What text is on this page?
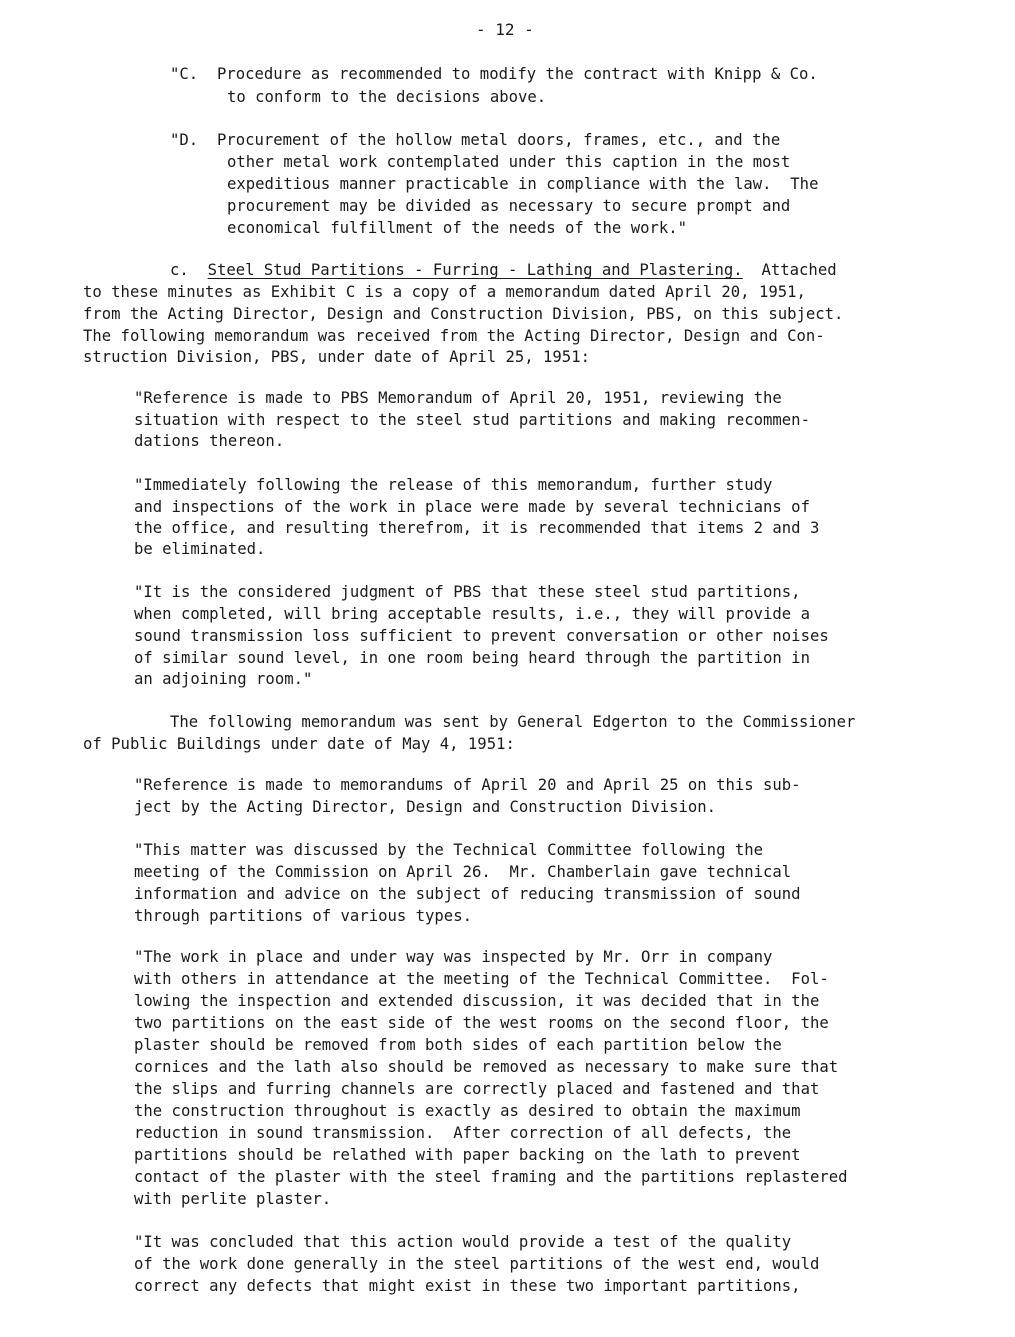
- 12 -
"C.  Procedure as recommended to modify the contract with Knipp & Co.
to conform to the decisions above.
"D.  Procurement of the hollow metal doors, frames, etc., and the
other metal work contemplated under this caption in the most
expeditious manner practicable in compliance with the law.  The
procurement may be divided as necessary to secure prompt and
economical fulfillment of the needs of the work."
c. Steel Stud Partitions - Furring - Lathing and Plastering. Attached
to these minutes as Exhibit C is a copy of a memorandum dated April 20, 1951,
from the Acting Director, Design and Construction Division, PBS, on this subject.
The following memorandum was received from the Acting Director, Design and Con-
struction Division, PBS, under date of April 25, 1951:
"Reference is made to PBS Memorandum of April 20, 1951, reviewing the
situation with respect to the steel stud partitions and making recommen-
dations thereon.
"Immediately following the release of this memorandum, further study
and inspections of the work in place were made by several technicians of
the office, and resulting therefrom, it is recommended that items 2 and 3
be eliminated.
"It is the considered judgment of PBS that these steel stud partitions,
when completed, will bring acceptable results, i.e., they will provide a
sound transmission loss sufficient to prevent conversation or other noises
of similar sound level, in one room being heard through the partition in
an adjoining room."
The following memorandum was sent by General Edgerton to the Commissioner
of Public Buildings under date of May 4, 1951:
"Reference is made to memorandums of April 20 and April 25 on this sub-
ject by the Acting Director, Design and Construction Division.
"This matter was discussed by the Technical Committee following the
meeting of the Commission on April 26.  Mr. Chamberlain gave technical
information and advice on the subject of reducing transmission of sound
through partitions of various types.
"The work in place and under way was inspected by Mr. Orr in company
with others in attendance at the meeting of the Technical Committee.  Fol-
lowing the inspection and extended discussion, it was decided that in the
two partitions on the east side of the west rooms on the second floor, the
plaster should be removed from both sides of each partition below the
cornices and the lath also should be removed as necessary to make sure that
the slips and furring channels are correctly placed and fastened and that
the construction throughout is exactly as desired to obtain the maximum
reduction in sound transmission.  After correction of all defects, the
partitions should be relathed with paper backing on the lath to prevent
contact of the plaster with the steel framing and the partitions replastered
with perlite plaster.
"It was concluded that this action would provide a test of the quality
of the work done generally in the steel partitions of the west end, would
correct any defects that might exist in these two important partitions,
